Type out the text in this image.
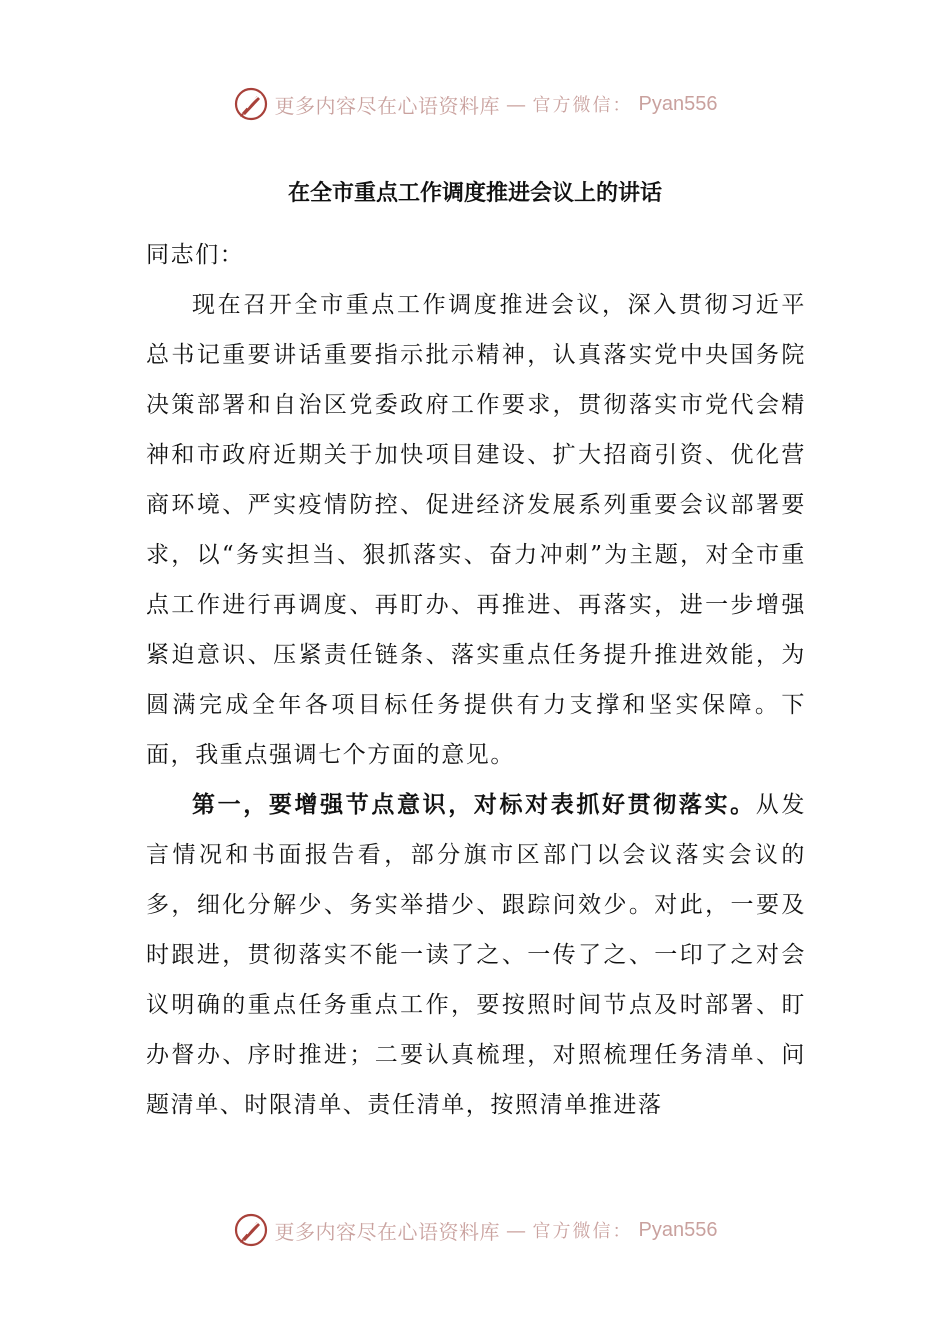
更多内容尽在心语资料库 — 官方微信： Pyan556
在全市重点工作调度推进会议上的讲话

同志们：

现在召开全市重点工作调度推进会议，深入贯彻习近平总书记重要讲话重要指示批示精神，认真落实党中央国务院决策部署和自治区党委政府工作要求，贯彻落实市党代会精神和市政府近期关于加快项目建设、扩大招商引资、优化营商环境、严实疫情防控、促进经济发展系列重要会议部署要求，以“务实担当、狠抓落实、奋力冲刺”为主题，对全市重点工作进行再调度、再盯办、再推进、再落实，进一步增强紧迫意识、压紧责任链条、落实重点任务提升推进效能，为圆满完成全年各项目标任务提供有力支撑和坚实保障。下面，我重点强调七个方面的意见。

第一，要增强节点意识，对标对表抓好贯彻落实。从发言情况和书面报告看，部分旗市区部门以会议落实会议的多，细化分解少、务实举措少、跟踪问效少。对此，一要及时跟进，贯彻落实不能一读了之、一传了之、一印了之对会议明确的重点任务重点工作，要按照时间节点及时部署、盯办督办、序时推进；二要认真梳理，对照梳理任务清单、问题清单、时限清单、责任清单，按照清单推进落

更多内容尽在心语资料库 — 官方微信： Pyan556
